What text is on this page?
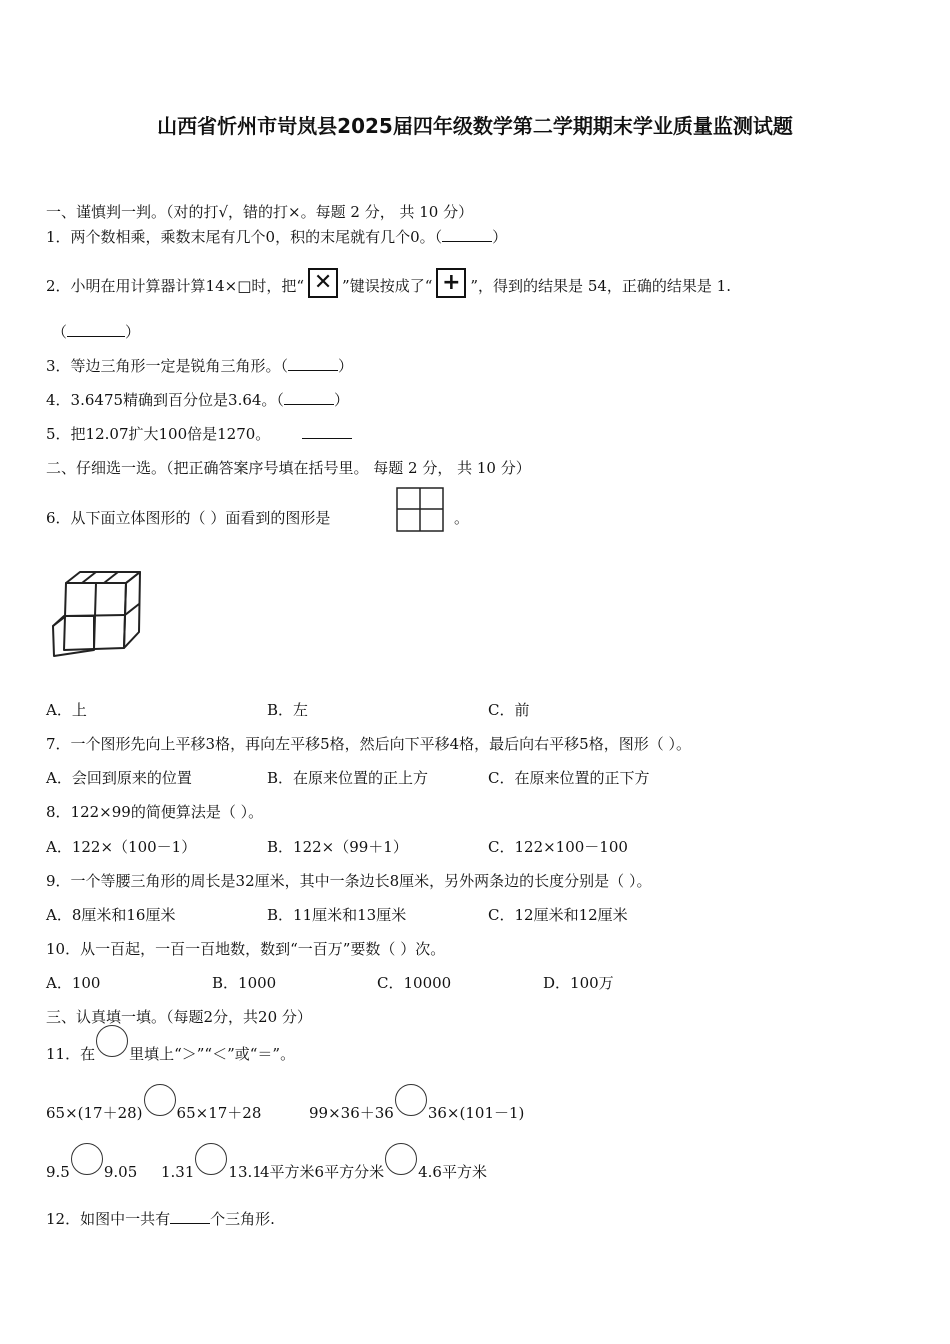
山西省忻州市岢岚县2025届四年级数学第二学期期末学业质量监测试题
一、谨慎判一判。（对的打√，错的打×。每题 2 分， 共 10 分）
1．两个数相乘，乘数末尾有几个0，积的末尾就有几个0。（	）
2．小明在用计算器计算14×□时，把“ ✕ ”键误按成了“ + ”，得到的结果是 54，正确的结果是 1.
（	）
3．等边三角形一定是锐角三角形。（	）
4．3.6475精确到百分位是3.64。（	）
5．把12.07扩大100倍是1270。
二、仔细选一选。（把正确答案序号填在括号里。 每题 2 分， 共 10 分）
6．从下面立体图形的（ ）面看到的图形是	。
A．上	B．左	C．前
7．一个图形先向上平移3格，再向左平移5格，然后向下平移4格，最后向右平移5格，图形（ ）。
A．会回到原来的位置	B．在原来位置的正上方	C．在原来位置的正下方
8．122×99的简便算法是（ ）。
A．122×（100－1）	B．122×（99＋1）	C．122×100－100
9．一个等腰三角形的周长是32厘米，其中一条边长8厘米，另外两条边的长度分别是（ ）。
A．8厘米和16厘米	B．11厘米和13厘米	C．12厘米和12厘米
10．从一百起，一百一百地数，数到“一百万”要数（ ）次。
A．100	B．1000	C．10000	D．100万
三、认真填一填。（每题2分，共20 分）
11．在 里填上“＞”“＜”或“＝”。
65×(17＋28) 65×17＋28	99×36＋36 36×(101－1)
9.5 9.05 1.31 13.1
4平方米6平方分米 4.6平方米
12．如图中一共有	个三角形.
